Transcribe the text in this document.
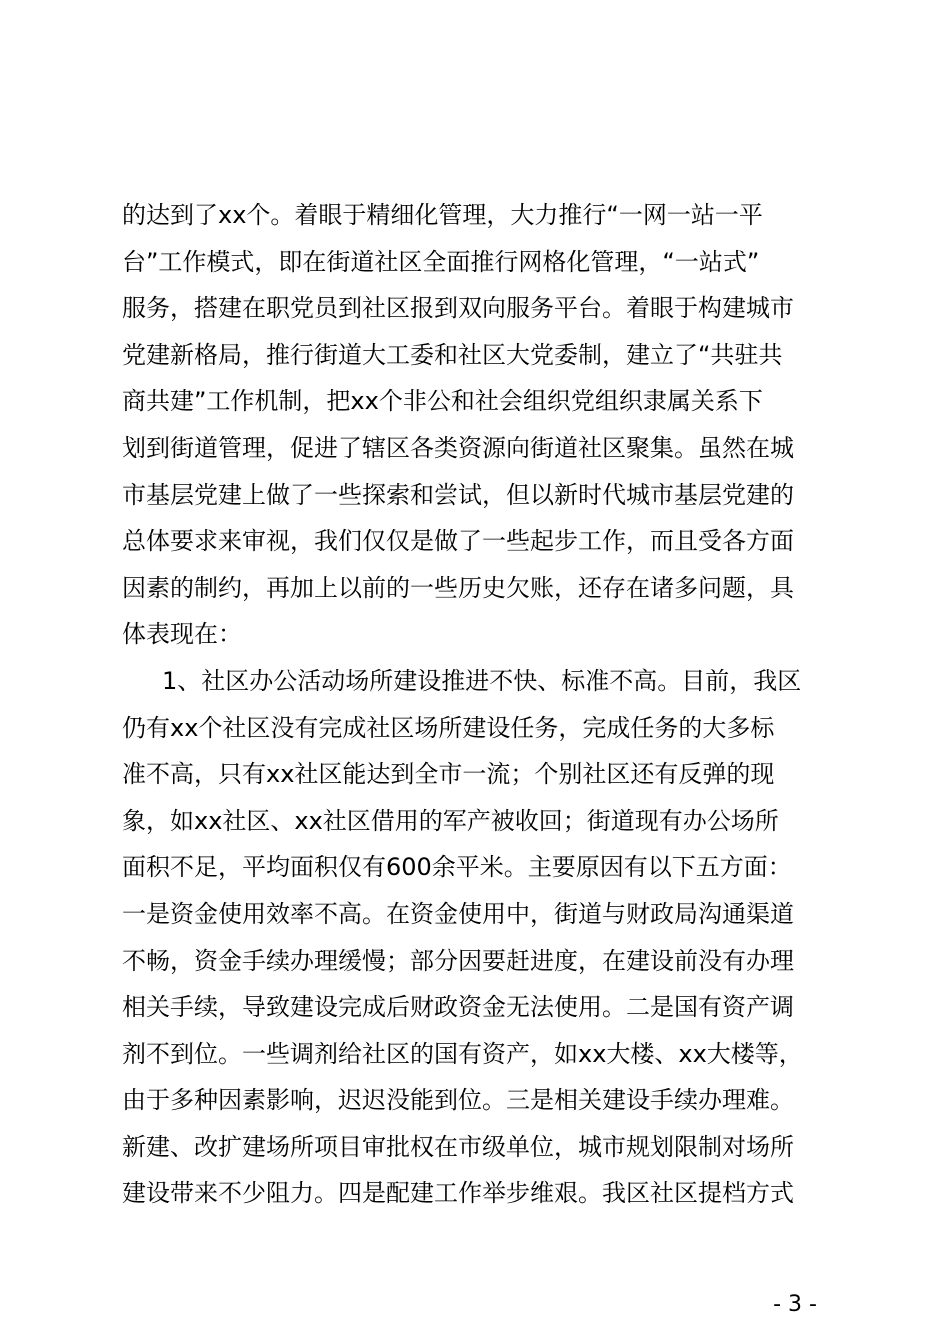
的达到了xx个。着眼于精细化管理，大力推行“一网一站一平
台”工作模式，即在街道社区全面推行网格化管理，“一站式”
服务，搭建在职党员到社区报到双向服务平台。着眼于构建城市
党建新格局，推行街道大工委和社区大党委制，建立了“共驻共
商共建”工作机制，把xx个非公和社会组织党组织隶属关系下
划到街道管理，促进了辖区各类资源向街道社区聚集。虽然在城
市基层党建上做了一些探索和尝试，但以新时代城市基层党建的
总体要求来审视，我们仅仅是做了一些起步工作，而且受各方面
因素的制约，再加上以前的一些历史欠账，还存在诸多问题，具
体表现在：
1、社区办公活动场所建设推进不快、标准不高。目前，我区
仍有xx个社区没有完成社区场所建设任务，完成任务的大多标
准不高，只有xx社区能达到全市一流；个别社区还有反弹的现
象，如xx社区、xx社区借用的军产被收回；街道现有办公场所
面积不足，平均面积仅有600余平米。主要原因有以下五方面：
一是资金使用效率不高。在资金使用中，街道与财政局沟通渠道
不畅，资金手续办理缓慢；部分因要赶进度，在建设前没有办理
相关手续，导致建设完成后财政资金无法使用。二是国有资产调
剂不到位。一些调剂给社区的国有资产，如xx大楼、xx大楼等，
由于多种因素影响，迟迟没能到位。三是相关建设手续办理难。
新建、改扩建场所项目审批权在市级单位，城市规划限制对场所
建设带来不少阻力。四是配建工作举步维艰。我区社区提档方式
- 3 -
